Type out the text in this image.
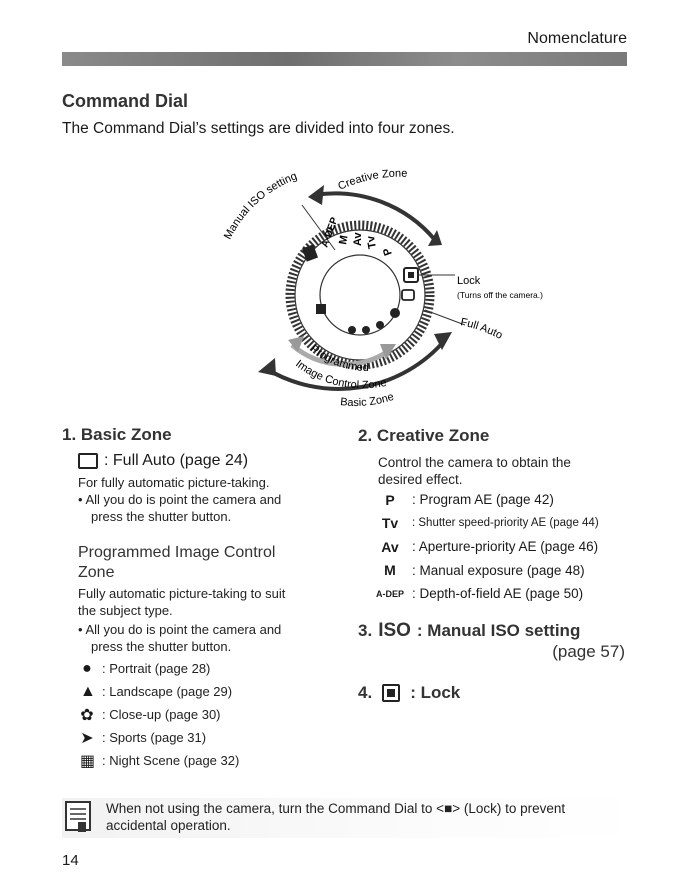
Nomenclature
Command Dial
The Command Dial’s settings are divided into four zones.
A-DEP
M Av Tv
P
Creative Zone
Manual ISO setting
Full Auto
Programmed
Image Control Zone
Basic Zone
Lock
(Turns off the camera.)
1. Basic Zone
: Full Auto (page 24)
For fully automatic picture-taking.
• All you do is point the camera and
press the shutter button.
Programmed Image Control
Zone
Fully automatic picture-taking to suit
the subject type.
• All you do is point the camera and
press the shutter button.
● : Portrait (page 28)
▲ : Landscape (page 29)
✿ : Close-up (page 30)
➤ : Sports (page 31)
▦ : Night Scene (page 32)
2. Creative Zone
Control the camera to obtain the
desired effect.
P	: Program AE (page 42)
Tv	: Shutter speed-priority AE (page 44)
Av : Aperture-priority AE (page 46)
M	: Manual exposure (page 48)
A-DEP : Depth-of-field AE (page 50)
3. ISO : Manual ISO setting
(page 57)
4. : Lock
When not using the camera, turn the Command Dial to <■> (Lock) to prevent accidental operation.
14
